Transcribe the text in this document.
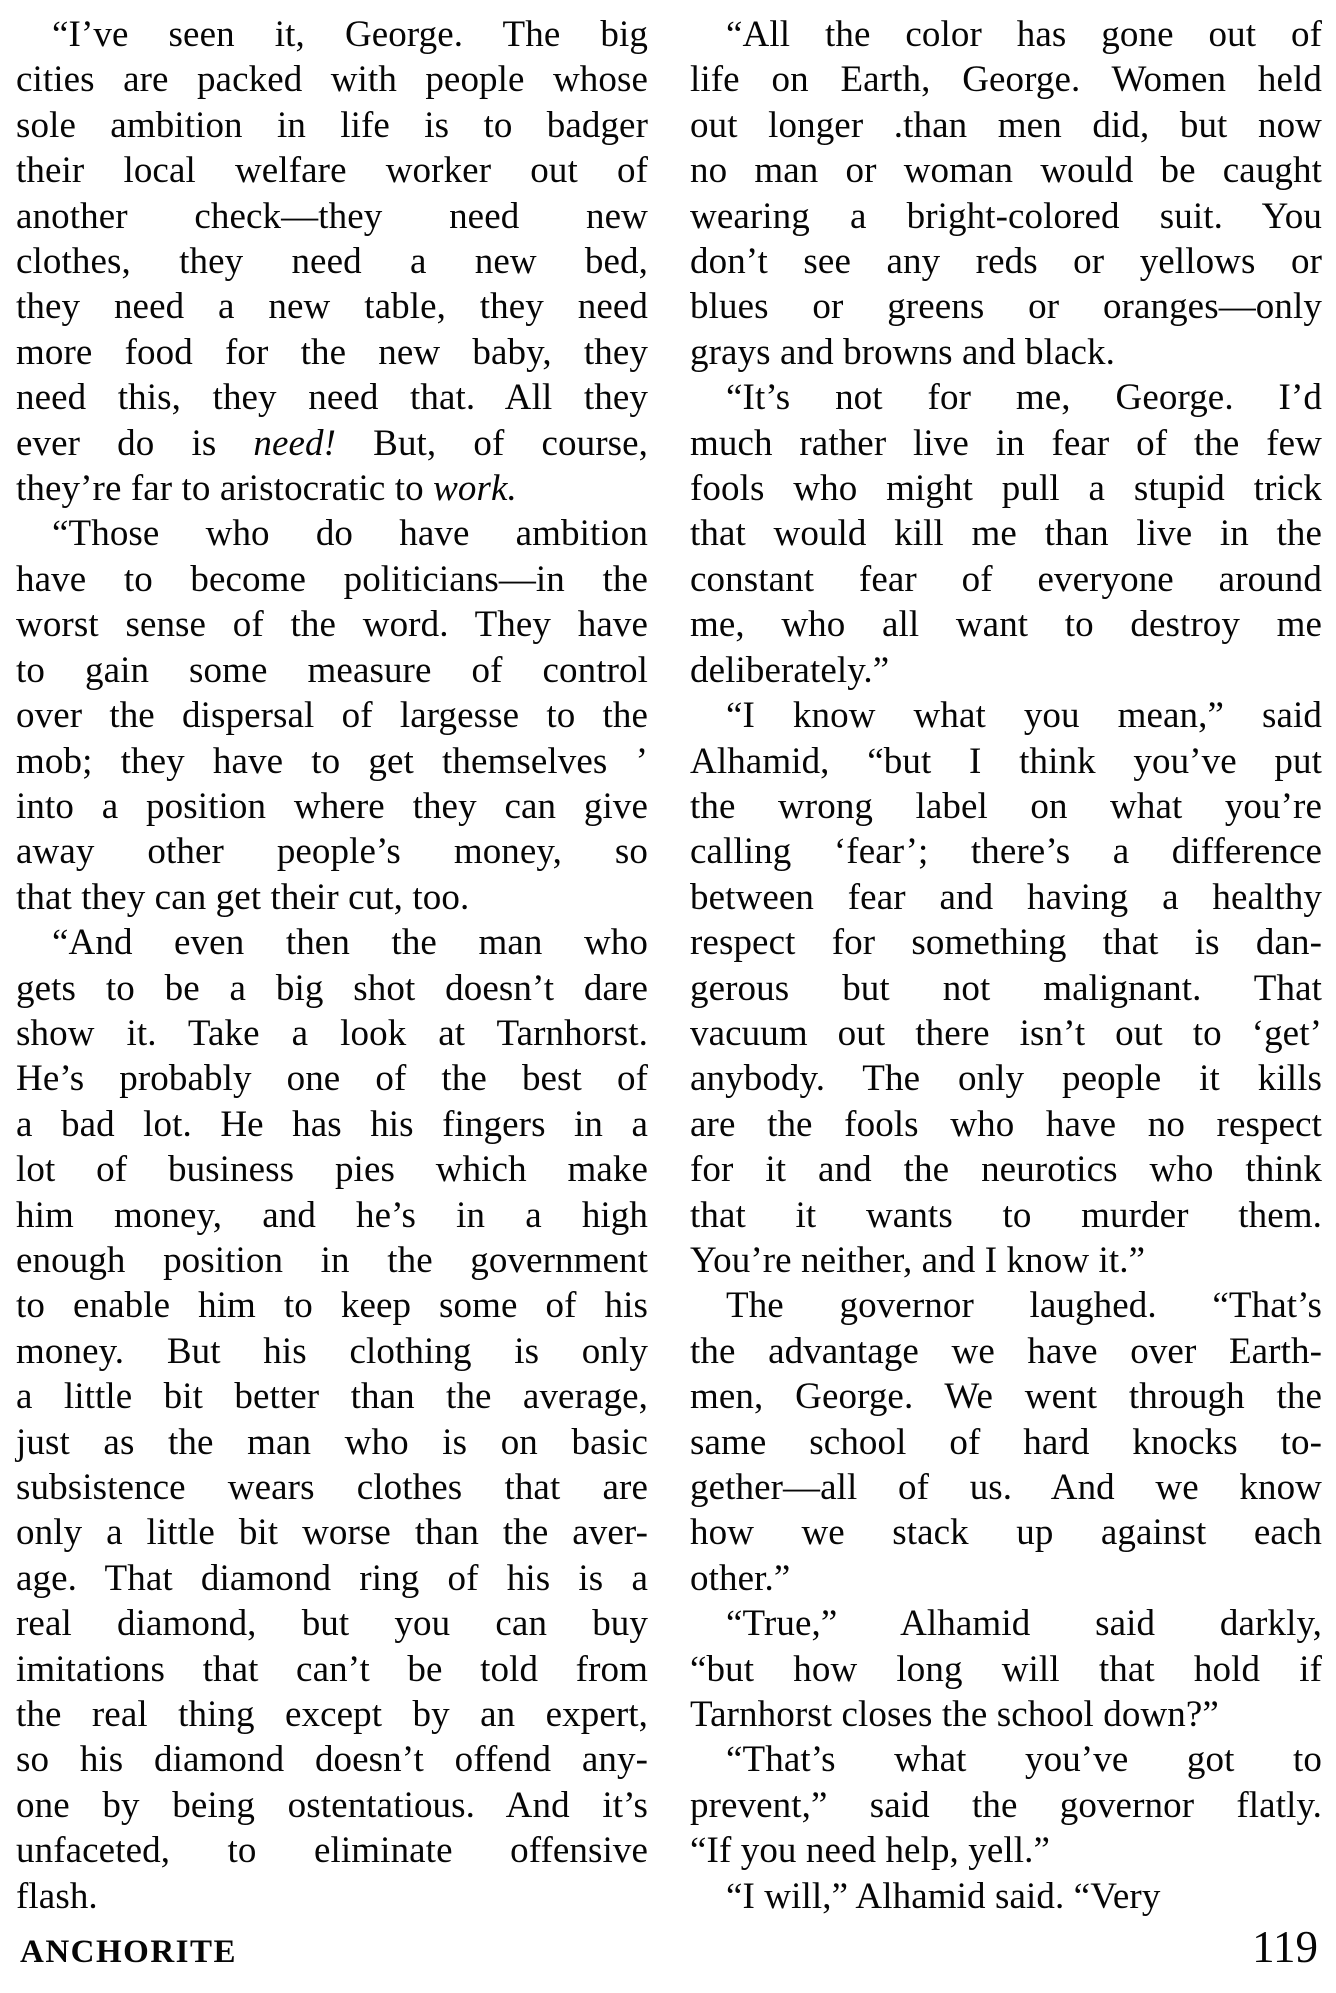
“I’ve seen it, George. The big
cities are packed with people whose
sole ambition in life is to badger
their local welfare worker out of
another check—they need new
clothes, they need a new bed,
they need a new table, they need
more food for the new baby, they
need this, they need that. All they
ever do is need! But, of course,
they’re far to aristocratic to work.
“Those who do have ambition
have to become politicians—in the
worst sense of the word. They have
to gain some measure of control
over the dispersal of largesse to the
mob; they have to get themselves ’
into a position where they can give
away other people’s money, so
that they can get their cut, too.
“And even then the man who
gets to be a big shot doesn’t dare
show it. Take a look at Tarnhorst.
He’s probably one of the best of
a bad lot. He has his fingers in a
lot of business pies which make
him money, and he’s in a high
enough position in the government
to enable him to keep some of his
money. But his clothing is only
a little bit better than the average,
just as the man who is on basic
subsistence wears clothes that are
only a little bit worse than the aver-
age. That diamond ring of his is a
real diamond, but you can buy
imitations that can’t be told from
the real thing except by an expert,
so his diamond doesn’t offend any-
one by being ostentatious. And it’s
unfaceted, to eliminate offensive
flash.
“All the color has gone out of
life on Earth, George. Women held
out longer .than men did, but now
no man or woman would be caught
wearing a bright-colored suit. You
don’t see any reds or yellows or
blues or greens or oranges—only
grays and browns and black.
“It’s not for me, George. I’d
much rather live in fear of the few
fools who might pull a stupid trick
that would kill me than live in the
constant fear of everyone around
me, who all want to destroy me
deliberately.”
“I know what you mean,” said
Alhamid, “but I think you’ve put
the wrong label on what you’re
calling ‘fear’; there’s a difference
between fear and having a healthy
respect for something that is dan-
gerous but not malignant. That
vacuum out there isn’t out to ‘get’
anybody. The only people it kills
are the fools who have no respect
for it and the neurotics who think
that it wants to murder them.
You’re neither, and I know it.”
The governor laughed. “That’s
the advantage we have over Earth-
men, George. We went through the
same school of hard knocks to-
gether—all of us. And we know
how we stack up against each
other.”
“True,” Alhamid said darkly,
“but how long will that hold if
Tarnhorst closes the school down?”
“That’s what you’ve got to
prevent,” said the governor flatly.
“If you need help, yell.”
“I will,” Alhamid said. “Very
ANCHORITE	119
